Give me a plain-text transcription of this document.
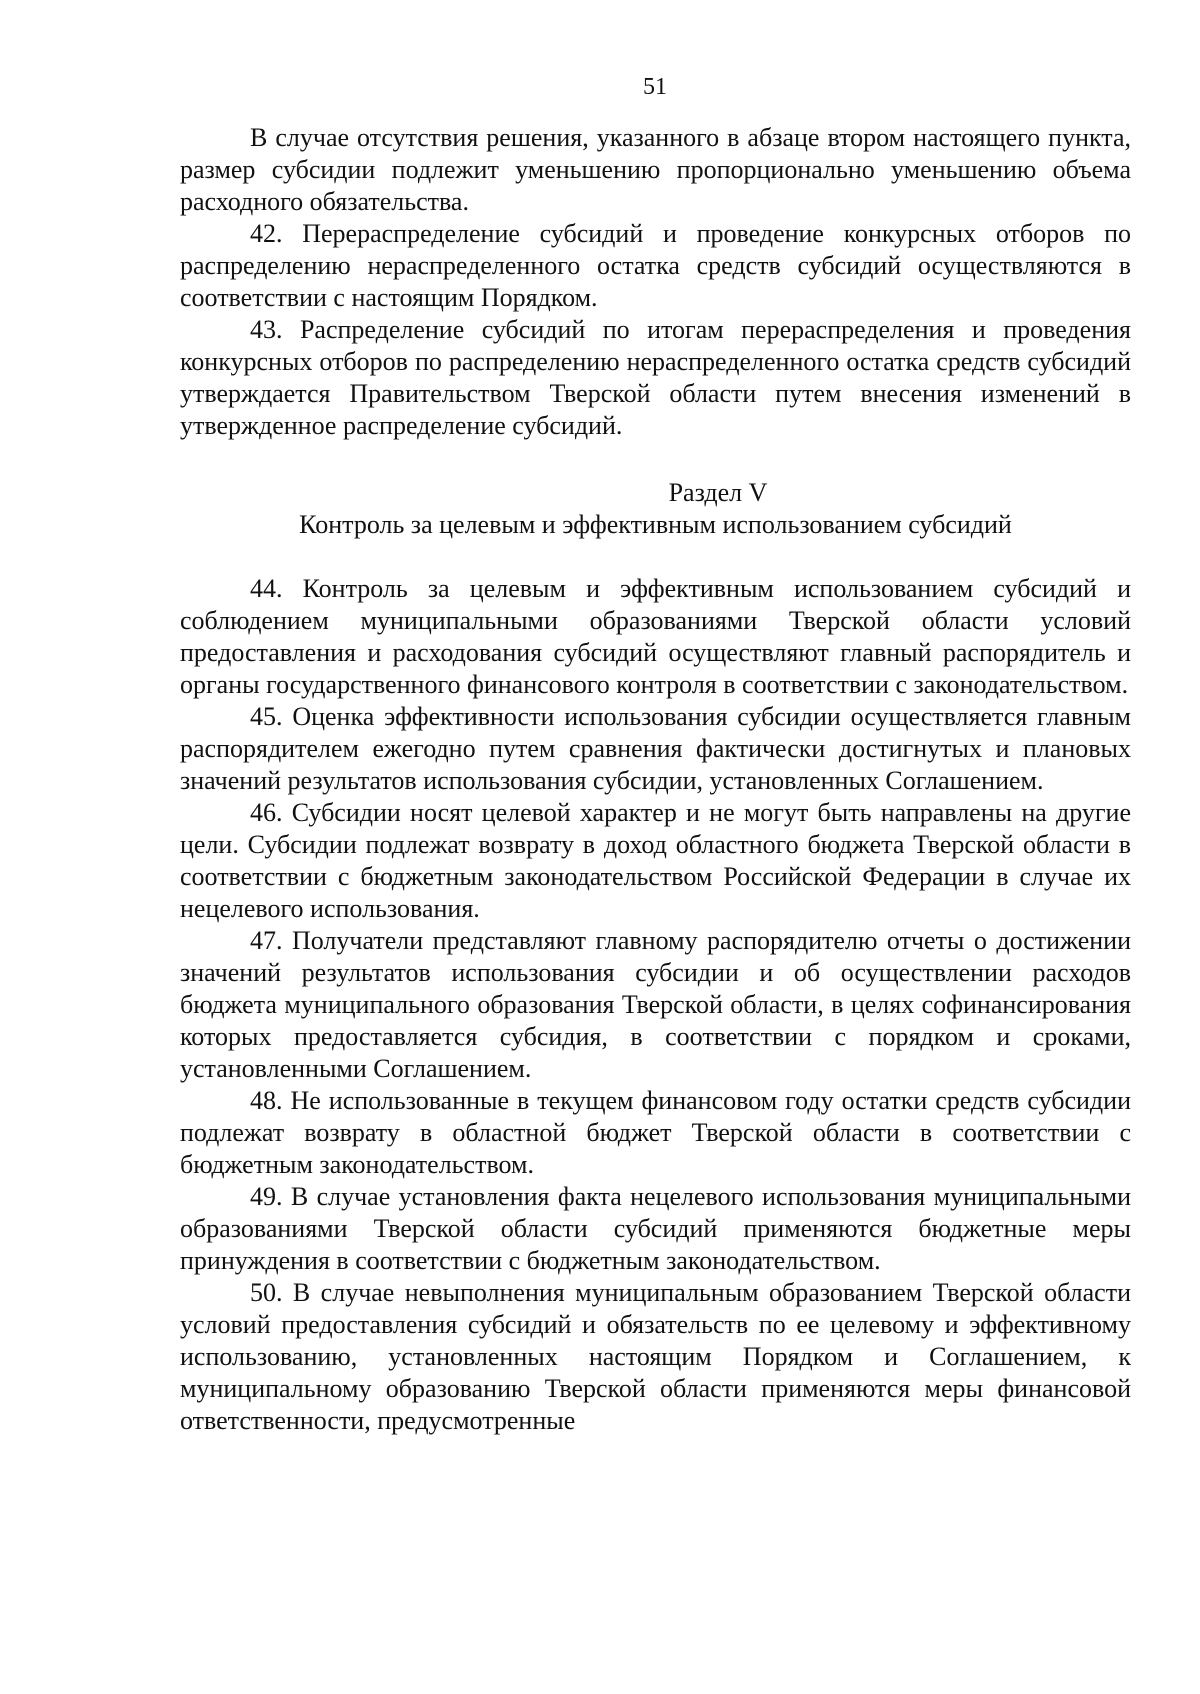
51

В случае отсутствия решения, указанного в абзаце втором настоящего пункта, размер субсидии подлежит уменьшению пропорционально уменьшению объема расходного обязательства.

42. Перераспределение субсидий и проведение конкурсных отборов по распределению нераспределенного остатка средств субсидий осуществляются в соответствии с настоящим Порядком.

43. Распределение субсидий по итогам перераспределения и проведения конкурсных отборов по распределению нераспределенного остатка средств субсидий утверждается Правительством Тверской области путем внесения изменений в утвержденное распределение субсидий.

Раздел V
Контроль за целевым и эффективным использованием субсидий

44. Контроль за целевым и эффективным использованием субсидий и соблюдением муниципальными образованиями Тверской области условий предоставления и расходования субсидий осуществляют главный распорядитель и органы государственного финансового контроля в соответствии с законодательством.

45. Оценка эффективности использования субсидии осуществляется главным распорядителем ежегодно путем сравнения фактически достигнутых и плановых значений результатов использования субсидии, установленных Соглашением.

46. Субсидии носят целевой характер и не могут быть направлены на другие цели. Субсидии подлежат возврату в доход областного бюджета Тверской области в соответствии с бюджетным законодательством Российской Федерации в случае их нецелевого использования.

47. Получатели представляют главному распорядителю отчеты о достижении значений результатов использования субсидии и об осуществлении расходов бюджета муниципального образования Тверской области, в целях софинансирования которых предоставляется субсидия, в соответствии с порядком и сроками, установленными Соглашением.

48. Не использованные в текущем финансовом году остатки средств субсидии подлежат возврату в областной бюджет Тверской области в соответствии с бюджетным законодательством.

49. В случае установления факта нецелевого использования муниципальными образованиями Тверской области субсидий применяются бюджетные меры принуждения в соответствии с бюджетным законодательством.

50. В случае невыполнения муниципальным образованием Тверской области условий предоставления субсидий и обязательств по ее целевому и эффективному использованию, установленных настоящим Порядком и Соглашением, к муниципальному образованию Тверской области применяются меры финансовой ответственности, предусмотренные
